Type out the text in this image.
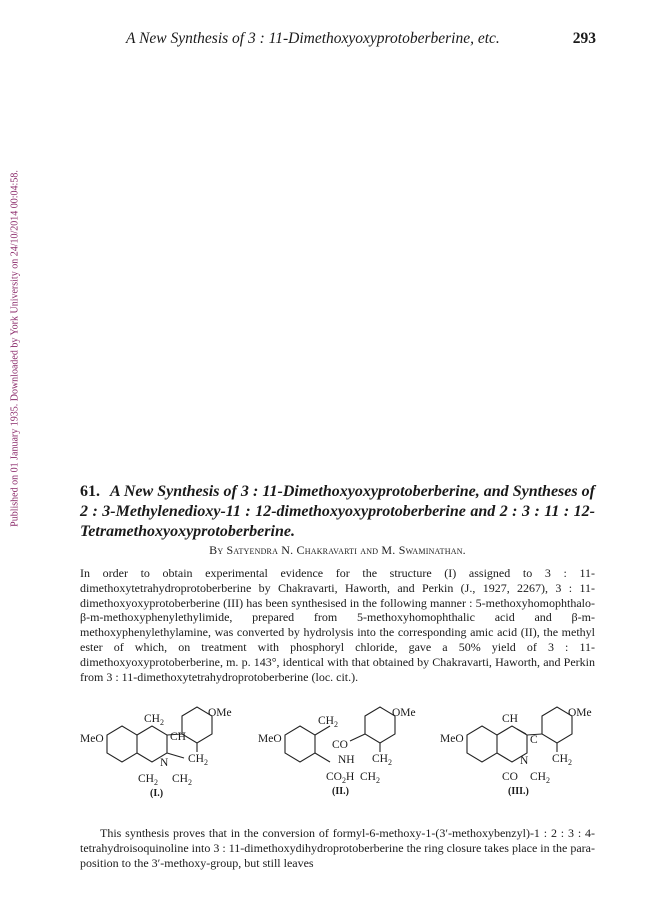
A New Synthesis of 3 : 11-Dimethoxyoxyprotoberberine, etc.	293
Published on 01 January 1935. Downloaded by York University on 24/10/2014 00:04:58.	61. A New Synthesis of 3 : 11-Dimethoxyoxyprotoberberine, and Syntheses of 2 : 3-Methylenedioxy-11 : 12-dimethoxyoxyprotoberberine and 2 : 3 : 11 : 12-Tetramethoxyoxyprotoberberine.
By Satyendra N. Chakravarti and M. Swaminathan.

In order to obtain experimental evidence for the structure (I) assigned to 3 : 11-dimethoxytetrahydroprotoberberine by Chakravarti, Haworth, and Perkin (J., 1927, 2267), 3 : 11-dimethoxyoxyprotoberberine (III) has been synthesised in the following manner : 5-methoxyhomophthalo-β-m-methoxyphenylethylimide, prepared from 5-methoxyhomophthalic acid and β-m-methoxyphenylethylamine, was converted by hydrolysis into the corresponding amic acid (II), the methyl ester of which, on treatment with phosphoryl chloride, gave a 50% yield of 3 : 11-dimethoxyoxyprotoberberine, m. p. 143°, identical with that obtained by Chakravarti, Haworth, and Perkin from 3 : 11-dimethoxytetrahydroprotoberberine (loc. cit.).

MeO
OMe
$CH_2$
CH
$CH_2$
N
$CH_2$ $CH_2$
(I.)
MeO
OMe
$CH_2$
CO
NH $CH_2$
$CO_2H$ $CH_2$
(II.)
MeO
OMe
CH
C
N $CH_2$
CO $CH_2$
(III.)

This synthesis proves that in the conversion of formyl-6-methoxy-1-(3′-methoxybenzyl)-1 : 2 : 3 : 4-tetrahydroisoquinoline into 3 : 11-dimethoxydihydroprotoberberine the ring closure takes place in the para-position to the 3′-methoxy-group, but still leaves
